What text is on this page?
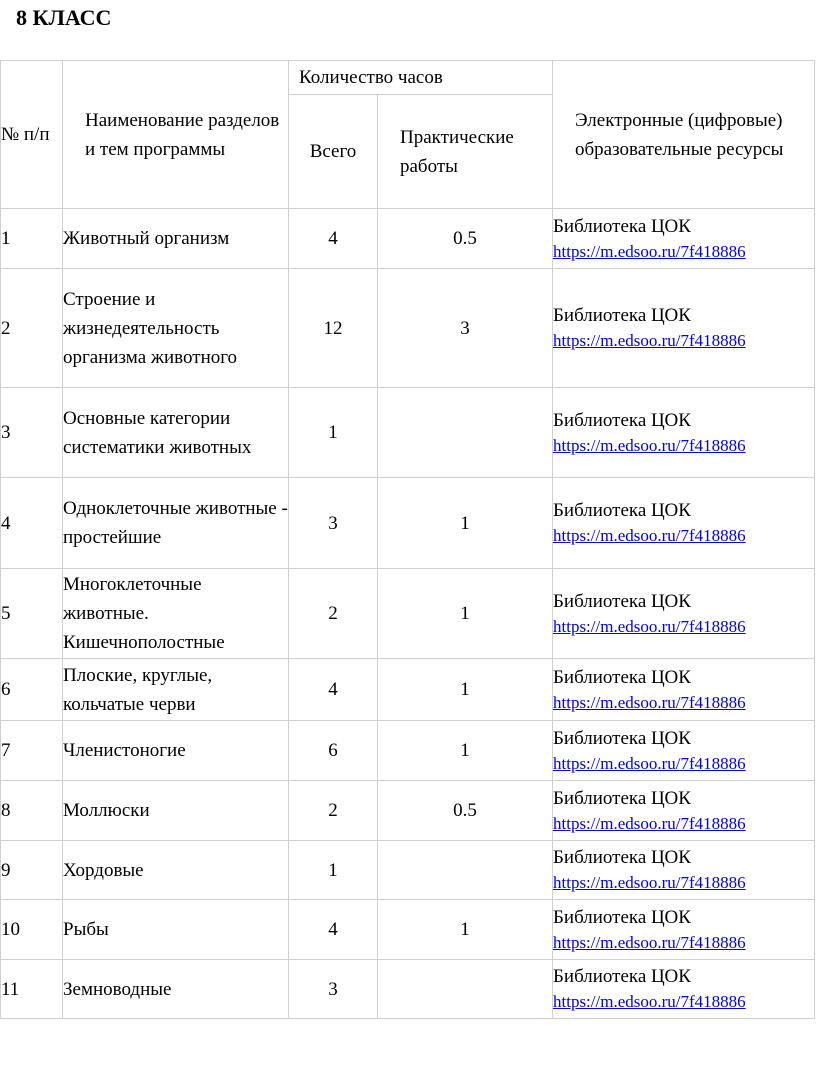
8 КЛАСС
№ п/п	Наименование разделов и тем программы	Количество часов		Электронные (цифровые) образовательные ресурсы

		Всего	Практические работы	

1	Животный организм	4	0.5	Библиотека ЦОК
https://m.edsoo.ru/7f418886

2	Строение и жизнедеятельность организма животного	12	3	Библиотека ЦОК
https://m.edsoo.ru/7f418886

3	Основные категории систематики животных	1		Библиотека ЦОК
https://m.edsoo.ru/7f418886

4	Одноклеточные животные - простейшие	3	1	Библиотека ЦОК
https://m.edsoo.ru/7f418886

5	Многоклеточные животные. Кишечнополостные	2	1	Библиотека ЦОК
https://m.edsoo.ru/7f418886

6	Плоские, круглые, кольчатые черви	4	1	Библиотека ЦОК
https://m.edsoo.ru/7f418886

7	Членистоногие	6	1	Библиотека ЦОК
https://m.edsoo.ru/7f418886

8	Моллюски	2	0.5	Библиотека ЦОК
https://m.edsoo.ru/7f418886

9	Хордовые	1		Библиотека ЦОК
https://m.edsoo.ru/7f418886

10	Рыбы	4	1	Библиотека ЦОК
https://m.edsoo.ru/7f418886

11	Земноводные	3		Библиотека ЦОК
https://m.edsoo.ru/7f418886
